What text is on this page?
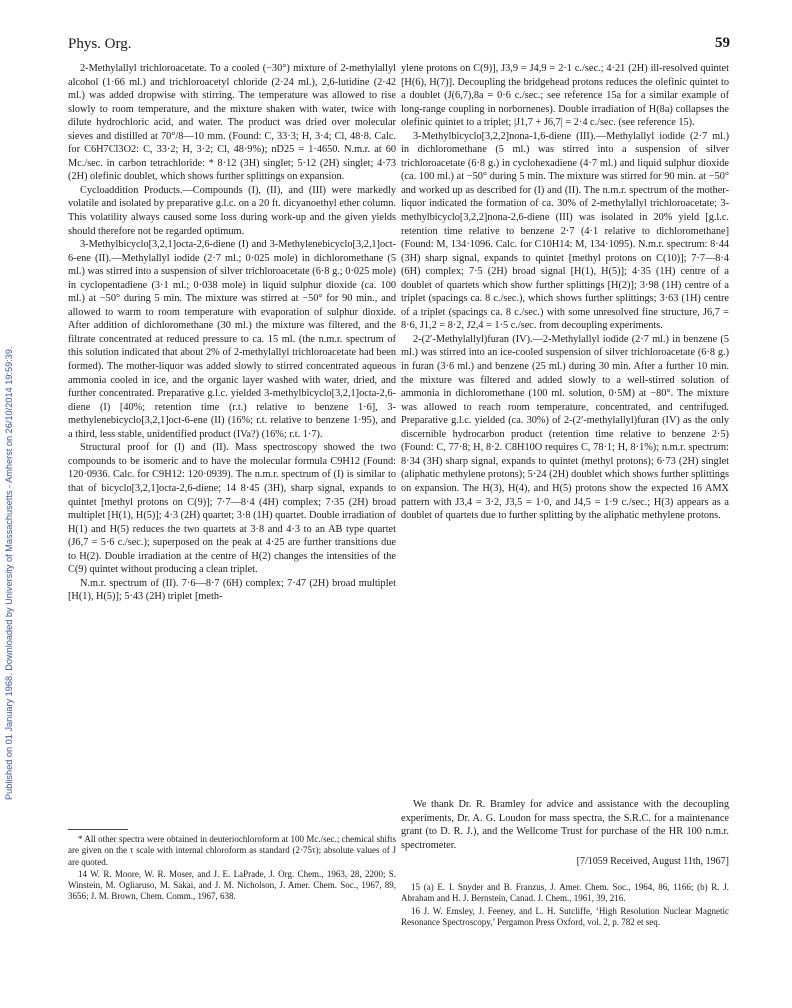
Published on 01 January 1968. Downloaded by University of Massachusetts - Amherst on 26/10/2014 19:59:39.
Phys. Org.	59

2-Methylallyl trichloroacetate. To a cooled (−30°) mixture of 2-methylallyl alcohol (1·66 ml.) and trichloroacetyl chloride (2·24 ml.), 2,6-lutidine (2·42 ml.) was added dropwise with stirring. The temperature was allowed to rise slowly to room temperature, and the mixture shaken with water, twice with dilute hydrochloric acid, and water. The product was dried over molecular sieves and distilled at 70°/8—10 mm. (Found: C, 33·3; H, 3·4; Cl, 48·8. Calc. for C6H7Cl3O2: C, 33·2; H, 3·2; Cl, 48·9%); nD25 = 1·4650. N.m.r. at 60 Mc./sec. in carbon tetrachloride: * 8·12 (3H) singlet; 5·12 (2H) singlet; 4·73 (2H) olefinic doublet, which shows further splittings on expansion.

Cycloaddition Products.—Compounds (I), (II), and (III) were markedly volatile and isolated by preparative g.l.c. on a 20 ft. dicyanoethyl ether column. This volatility always caused some loss during work-up and the given yields should therefore not be regarded optimum.

3-Methylbicyclo[3,2,1]octa-2,6-diene (I) and 3-Methylenebicyclo[3,2,1]oct-6-ene (II).—Methylallyl iodide (2·7 ml.; 0·025 mole) in dichloromethane (5 ml.) was stirred into a suspension of silver trichloroacetate (6·8 g.; 0·025 mole) in cyclopentadiene (3·1 ml.; 0·038 mole) in liquid sulphur dioxide (ca. 100 ml.) at −50° during 5 min. The mixture was stirred at −50° for 90 min., and allowed to warm to room temperature with evaporation of sulphur dioxide. After addition of dichloromethane (30 ml.) the mixture was filtered, and the filtrate concentrated at reduced pressure to ca. 15 ml. (the n.m.r. spectrum of this solution indicated that about 2% of 2-methylallyl trichloroacetate had been formed). The mother-liquor was added slowly to stirred concentrated aqueous ammonia cooled in ice, and the organic layer washed with water, dried, and further concentrated. Preparative g.l.c. yielded 3-methylbicyclo[3,2,1]octa-2,6-diene (I) [40%; retention time (r.t.) relative to benzene 1·6], 3-methylenebicyclo[3,2,1]oct-6-ene (II) (16%; r.t. relative to benzene 1·95), and a third, less stable, unidentified product (IVa?) (16%; r.t. 1·7).

Structural proof for (I) and (II). Mass spectroscopy showed the two compounds to be isomeric and to have the molecular formula C9H12 (Found: 120·0936. Calc. for C9H12: 120·0939). The n.m.r. spectrum of (I) is similar to that of bicyclo[3,2,1]octa-2,6-diene; 14 8·45 (3H), sharp signal, expands to quintet [methyl protons on C(9)]; 7·7—8·4 (4H) complex; 7·35 (2H) broad multiplet [H(1), H(5)]; 4·3 (2H) quartet; 3·8 (1H) quartet. Double irradiation of H(1) and H(5) reduces the two quartets at 3·8 and 4·3 to an AB type quartet (J6,7 = 5·6 c./sec.); superposed on the peak at 4·25 are further transitions due to H(2). Double irradiation at the centre of H(2) changes the intensities of the C(9) quintet without producing a clean triplet.

N.m.r. spectrum of (II). 7·6—8·7 (6H) complex; 7·47 (2H) broad multiplet [H(1), H(5)]; 5·43 (2H) triplet [meth-

* All other spectra were obtained in deuteriochloroform at 100 Mc./sec.; chemical shifts are given on the τ scale with internal chloroform as standard (2·75τ); absolute values of J are quoted.

14 W. R. Moore, W. R. Moser, and J. E. LaPrade, J. Org. Chem., 1963, 28, 2200; S. Winstein, M. Ogliaruso, M. Sakai, and J. M. Nicholson, J. Amer. Chem. Soc., 1967, 89, 3656; J. M. Brown, Chem. Comm., 1967, 638.

ylene protons on C(9)], J3,9 = J4,9 = 2·1 c./sec.; 4·21 (2H) ill-resolved quintet [H(6), H(7)]. Decoupling the bridgehead protons reduces the olefinic quintet to a doublet (J(6,7),8a = 0·6 c./sec.; see reference 15a for a similar example of long-range coupling in norbornenes). Double irradiation of H(8a) collapses the olefinic quintet to a triplet; |J1,7 + J6,7| = 2·4 c./sec. (see reference 15).

3-Methylbicyclo[3,2,2]nona-1,6-diene (III).—Methylallyl iodide (2·7 ml.) in dichloromethane (5 ml.) was stirred into a suspension of silver trichloroacetate (6·8 g.) in cyclohexadiene (4·7 ml.) and liquid sulphur dioxide (ca. 100 ml.) at −50° during 5 min. The mixture was stirred for 90 min. at −50° and worked up as described for (I) and (II). The n.m.r. spectrum of the mother-liquor indicated the formation of ca. 30% of 2-methylallyl trichloroacetate; 3-methylbicyclo[3,2,2]nona-2,6-diene (III) was isolated in 20% yield [g.l.c. retention time relative to benzene 2·7 (4·1 relative to dichloromethane] (Found: M, 134·1096. Calc. for C10H14: M, 134·1095). N.m.r. spectrum: 8·44 (3H) sharp signal, expands to quintet [methyl protons on C(10)]; 7·7—8·4 (6H) complex; 7·5 (2H) broad signal [H(1), H(5)]; 4·35 (1H) centre of a doublet of quartets which show further splittings [H(2)]; 3·98 (1H) centre of a triplet (spacings ca. 8 c./sec.), which shows further splittings; 3·63 (1H) centre of a triplet (spacings ca. 8 c./sec.) with some unresolved fine structure, J6,7 = 8·6, J1,2 = 8·2, J2,4 = 1·5 c./sec. from decoupling experiments.

2-(2′-Methylallyl)furan (IV).—2-Methylallyl iodide (2·7 ml.) in benzene (5 ml.) was stirred into an ice-cooled suspension of silver trichloroacetate (6·8 g.) in furan (3·6 ml.) and benzene (25 ml.) during 30 min. After a further 10 min. the mixture was filtered and added slowly to a well-stirred solution of ammonia in dichloromethane (100 ml. solution, 0·5M) at −80°. The mixture was allowed to reach room temperature, concentrated, and centrifuged. Preparative g.l.c. yielded (ca. 30%) of 2-(2′-methylallyl)furan (IV) as the only discernible hydrocarbon product (retention time relative to benzene 2·5) (Found: C, 77·8; H, 8·2. C8H10O requires C, 78·1; H, 8·1%); n.m.r. spectrum: 8·34 (3H) sharp signal, expands to quintet (methyl protons); 6·73 (2H) singlet (aliphatic methylene protons); 5·24 (2H) doublet which shows further splittings on expansion. The H(3), H(4), and H(5) protons show the expected 16 AMX pattern with J3,4 = 3·2, J3,5 = 1·0, and J4,5 = 1·9 c./sec.; H(3) appears as a doublet of quartets due to further splitting by the aliphatic methylene protons.

We thank Dr. R. Bramley for advice and assistance with the decoupling experiments, Dr. A. G. Loudon for mass spectra, the S.R.C. for a maintenance grant (to D. R. J.), and the Wellcome Trust for purchase of the HR 100 n.m.r. spectrometer.

[7/1059 Received, August 11th, 1967]

15 (a) E. I. Snyder and B. Franzus, J. Amer. Chem. Soc., 1964, 86, 1166; (b) R. J. Abraham and H. J. Bernstein, Canad. J. Chem., 1961, 39, 216.

16 J. W. Emsley, J. Feeney, and L. H. Sutcliffe, ‘High Resolution Nuclear Magnetic Resonance Spectroscopy,’ Pergamon Press Oxford, vol. 2, p. 782 et seq.
